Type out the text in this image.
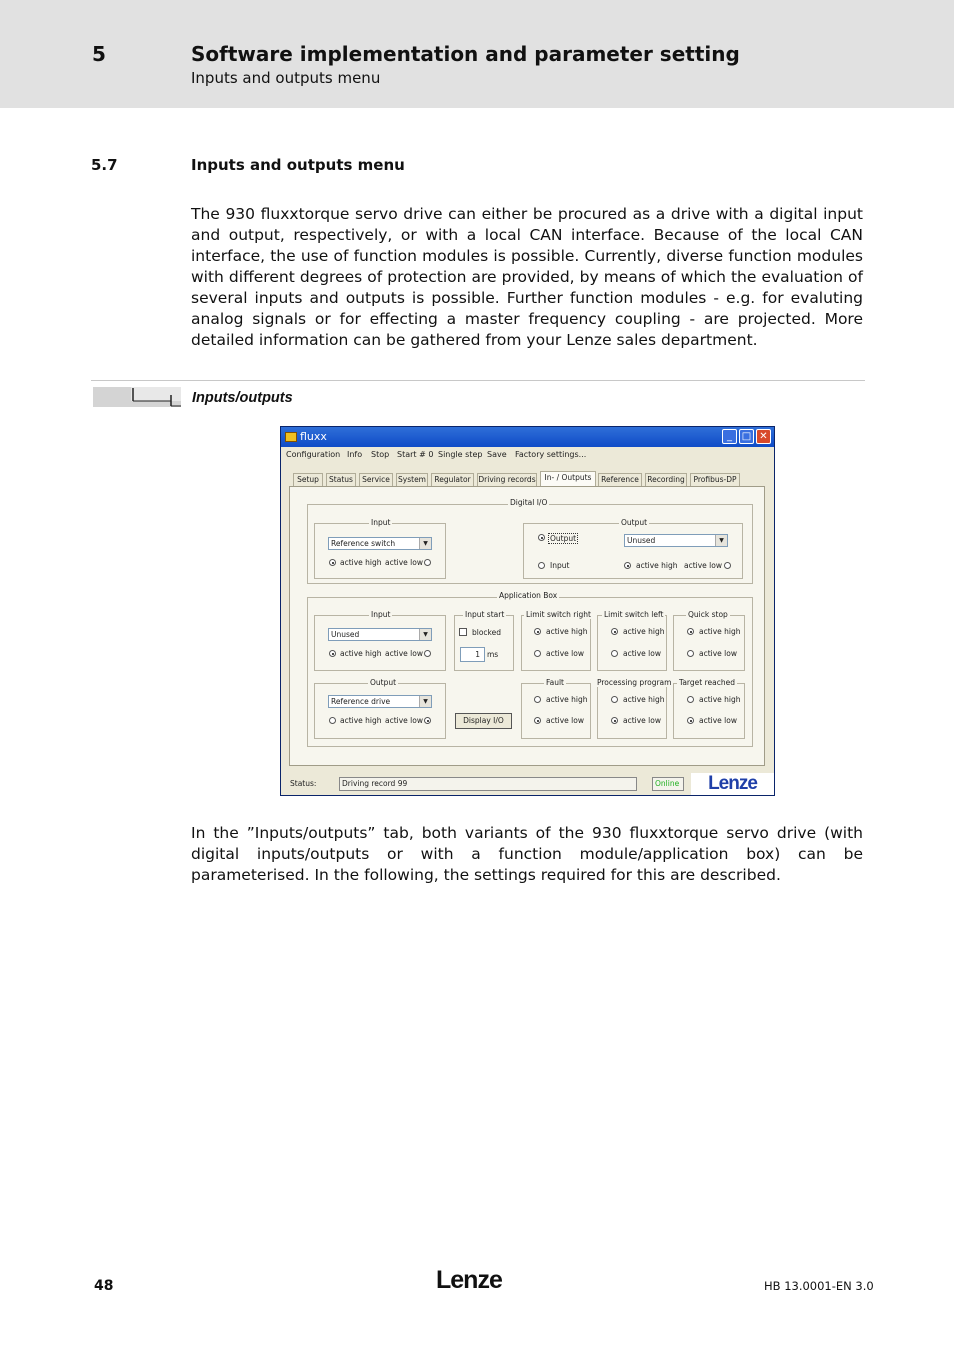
5	Software implementation and parameter setting
Inputs and outputs menu
5.7	Inputs and outputs menu

The 930 fluxxtorque servo drive can either be procured as a drive with a digital input and output, respectively, or with a local CAN interface. Because of the local CAN interface, the use of function modules is possible. Currently, diverse function modules with different degrees of protection are provided, by means of which the evaluation of several inputs and outputs is possible. Further function modules - e.g. for evaluting analog signals or for effecting a master frequency coupling - are projected. More detailed information can be gathered from your Lenze sales department.

Inputs/outputs
fluxx	_ □ ✕
Configuration Info Stop Start # 0 Single step Save Factory settings...
Setup	Status	Service	System	Regulator	Driving records	In- / Outputs	Reference	Recording	Profibus-DP
Digital I/O
Input
Reference switch	▼
active high active low
Output
Output
Input
Unused	▼
active high active low
Application Box
Input
Unused	▼
active high active low
Input start
blocked
1 ms
Limit switch right
active high
active low
Limit switch left
active high
active low
Quick stop
active high
active low
Output
Reference drive	▼
active high active low	Display I/O
Fault
active high
active low
Processing program
active high
active low
Target reached
active high
active low
Status:	Driving record 99	Online	Lenze

In the ”Inputs/outputs” tab, both variants of the 930 fluxxtorque servo drive (with digital inputs/outputs or with a function module/application box) can be parameterised. In the following, the settings required for this are described.

48	Lenze	HB 13.0001-EN 3.0
